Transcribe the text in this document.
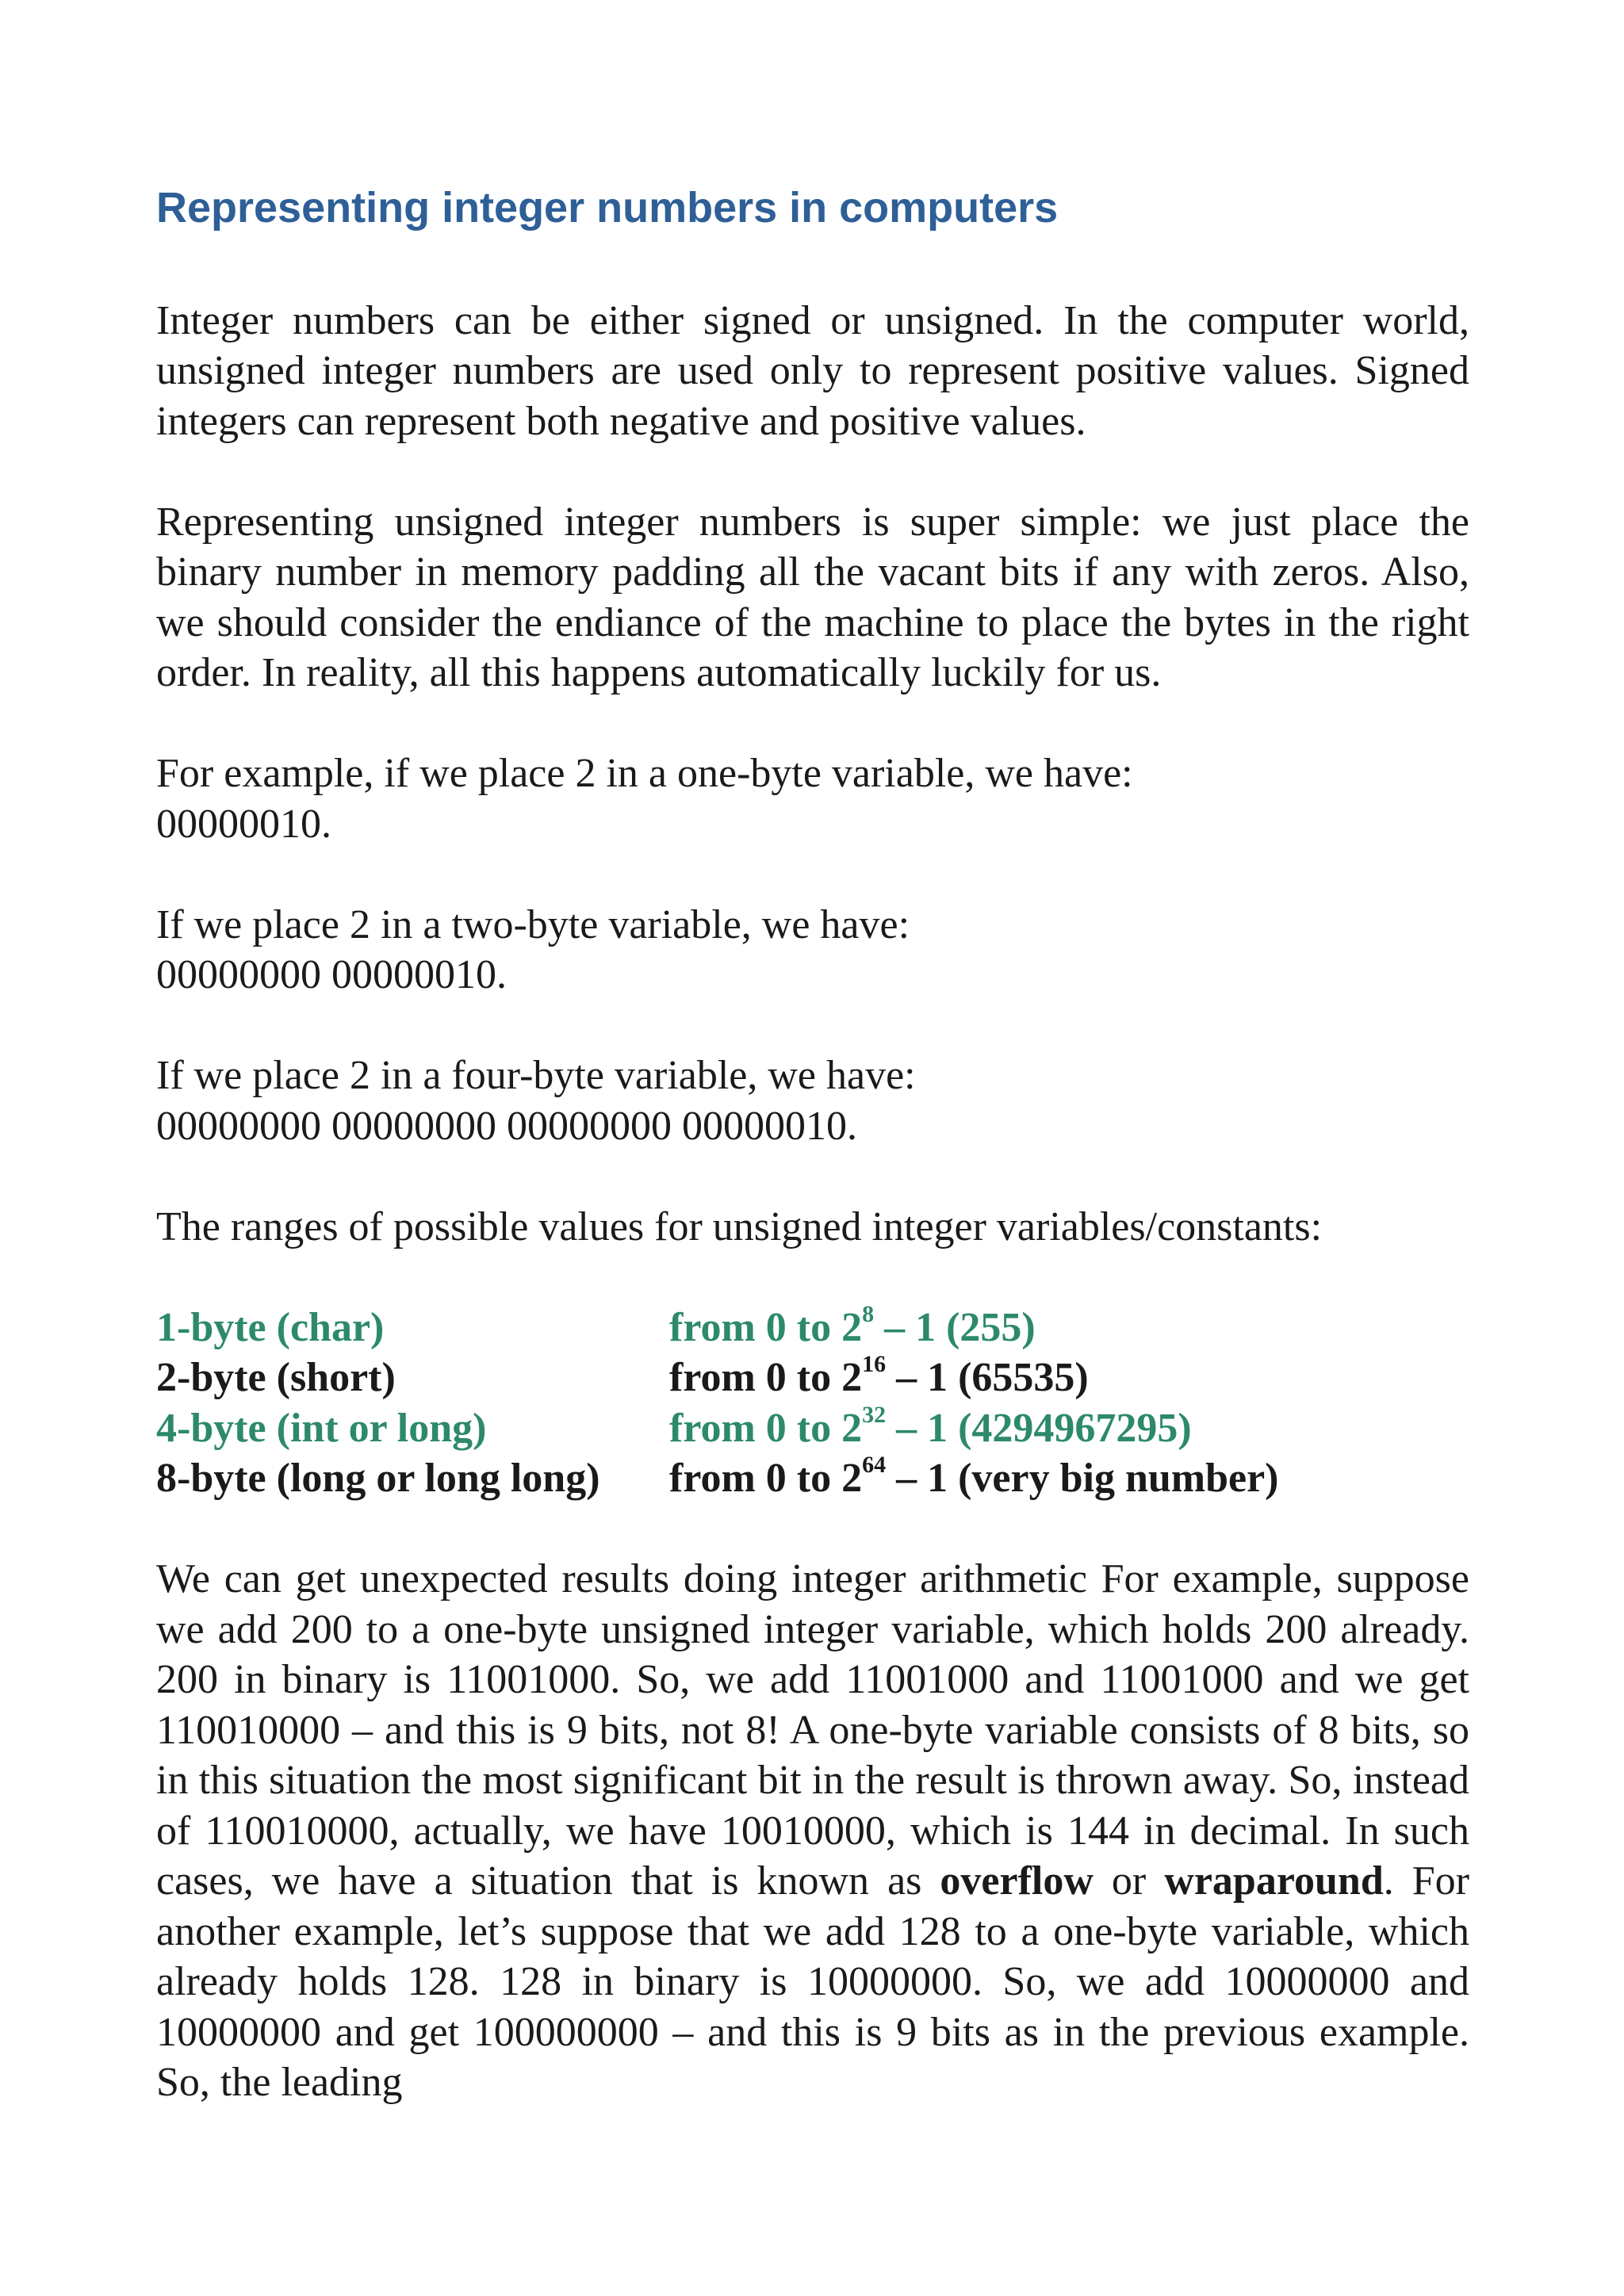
Representing integer numbers in computers

Integer numbers can be either signed or unsigned. In the computer world, unsigned integer numbers are used only to represent positive values. Signed integers can represent both negative and positive values.

Representing unsigned integer numbers is super simple: we just place the binary number in memory padding all the vacant bits if any with zeros. Also, we should consider the endiance of the machine to place the bytes in the right order. In reality, all this happens automatically luckily for us.

For example, if we place 2 in a one-byte variable, we have:
00000010.

If we place 2 in a two-byte variable, we have:
00000000 00000010.

If we place 2 in a four-byte variable, we have:
00000000 00000000 00000000 00000010.

The ranges of possible values for unsigned integer variables/constants:

1-byte (char)	from 0 to $2^8 - 1$ (255)
2-byte (short)	from 0 to $2^{16} - 1$ (65535)
4-byte (int or long)	from 0 to $2^{32} - 1$ (4294967295)
8-byte (long or long long)	from 0 to $2^{64} - 1$ (very big number)

We can get unexpected results doing integer arithmetic For example, suppose we add 200 to a one-byte unsigned integer variable, which holds 200 already. 200 in binary is 11001000. So, we add 11001000 and 11001000 and we get 110010000 – and this is 9 bits, not 8! A one-byte variable consists of 8 bits, so in this situation the most significant bit in the result is thrown away. So, instead of 110010000, actually, we have 10010000, which is 144 in decimal. In such cases, we have a situation that is known as overflow or wraparound. For another example, let’s suppose that we add 128 to a one-byte variable, which already holds 128. 128 in binary is 10000000. So, we add 10000000 and 10000000 and get 100000000 – and this is 9 bits as in the previous example. So, the leading
